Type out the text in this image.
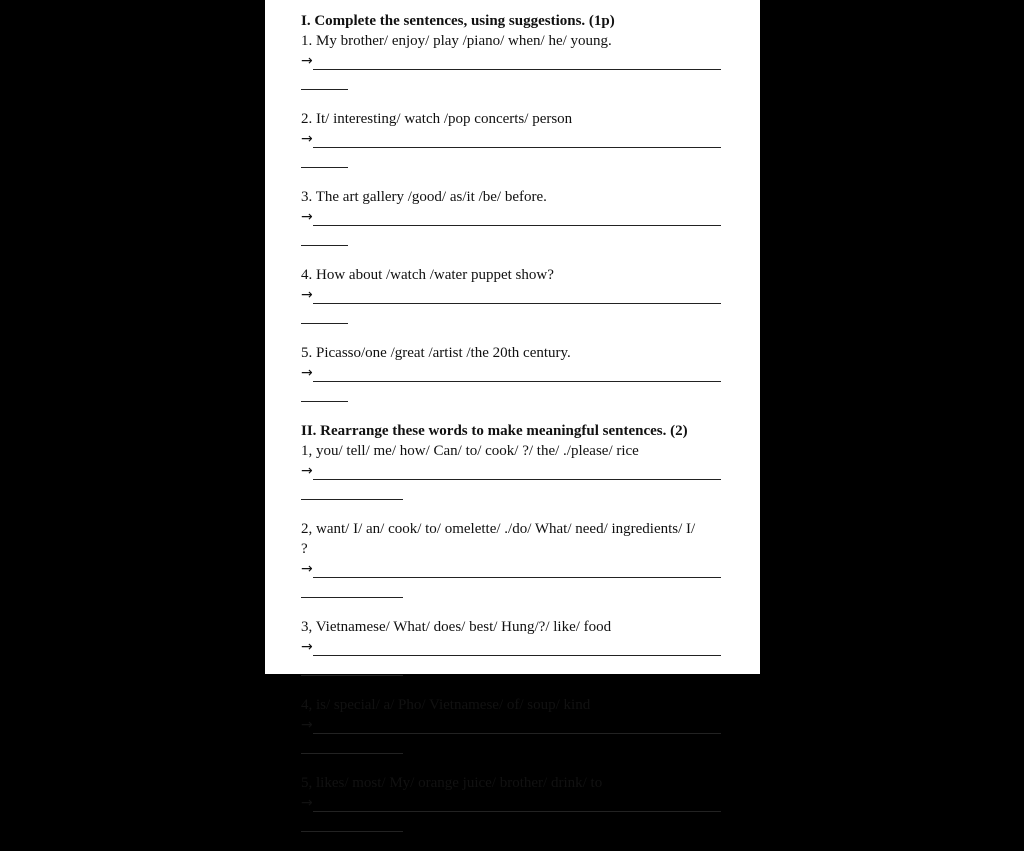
I. Complete the sentences, using suggestions. (1p)
1. My brother/ enjoy/ play /piano/ when/ he/ young.
→
2. It/ interesting/ watch /pop concerts/ person
→
3. The art gallery /good/ as/it /be/ before.
→
4. How about /watch /water puppet show?
→
5. Picasso/one /great /artist /the 20th century.
→
II. Rearrange these words to make meaningful sentences. (2)
1, you/ tell/ me/ how/ Can/ to/ cook/ ?/ the/ ./please/ rice
→
2, want/ I/ an/ cook/ to/ omelette/ ./do/ What/ need/ ingredients/ I/
?
→
3, Vietnamese/ What/ does/ best/ Hung/?/ like/ food
→
4, is/ special/ a/ Pho/ Vietnamese/ of/ soup/ kind
→
5, likes/ most/ My/ orange juice/ brother/ drink/ to
→
